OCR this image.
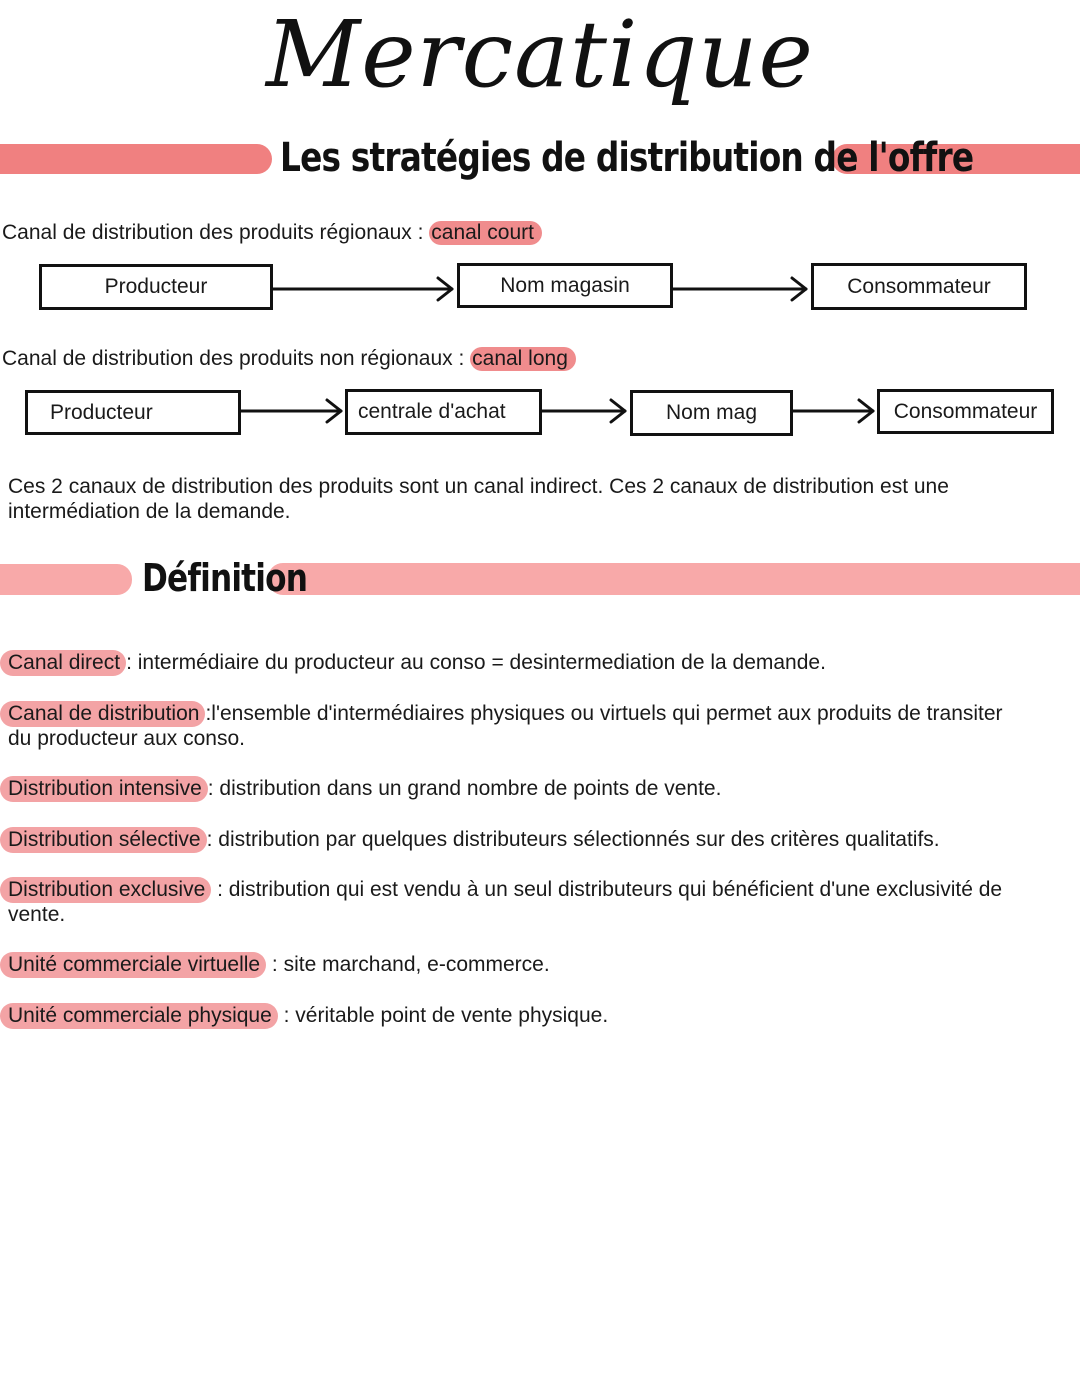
Mercatique
Les stratégies de distribution de l'offre
Canal de distribution des produits régionaux : canal court
Producteur	Nom magasin	Consommateur
Canal de distribution des produits non régionaux : canal long
Producteur	centrale d'achat	Nom mag	Consommateur
Ces 2 canaux de distribution des produits sont un canal indirect. Ces 2 canaux de distribution est une
intermédiation de la demande.
Définition
Canal direct : intermédiaire du producteur au conso = desintermediation de la demande.
Canal de distribution :l'ensemble d'intermédiaires physiques ou virtuels qui permet aux produits de transiter
du producteur aux conso.
Distribution intensive : distribution dans un grand nombre de points de vente.
Distribution sélective : distribution par quelques distributeurs sélectionnés sur des critères qualitatifs.
Distribution exclusive : distribution qui est vendu à un seul distributeurs qui bénéficient d'une exclusivité de
vente.
Unité commerciale virtuelle : site marchand, e-commerce.
Unité commerciale physique : véritable point de vente physique.
